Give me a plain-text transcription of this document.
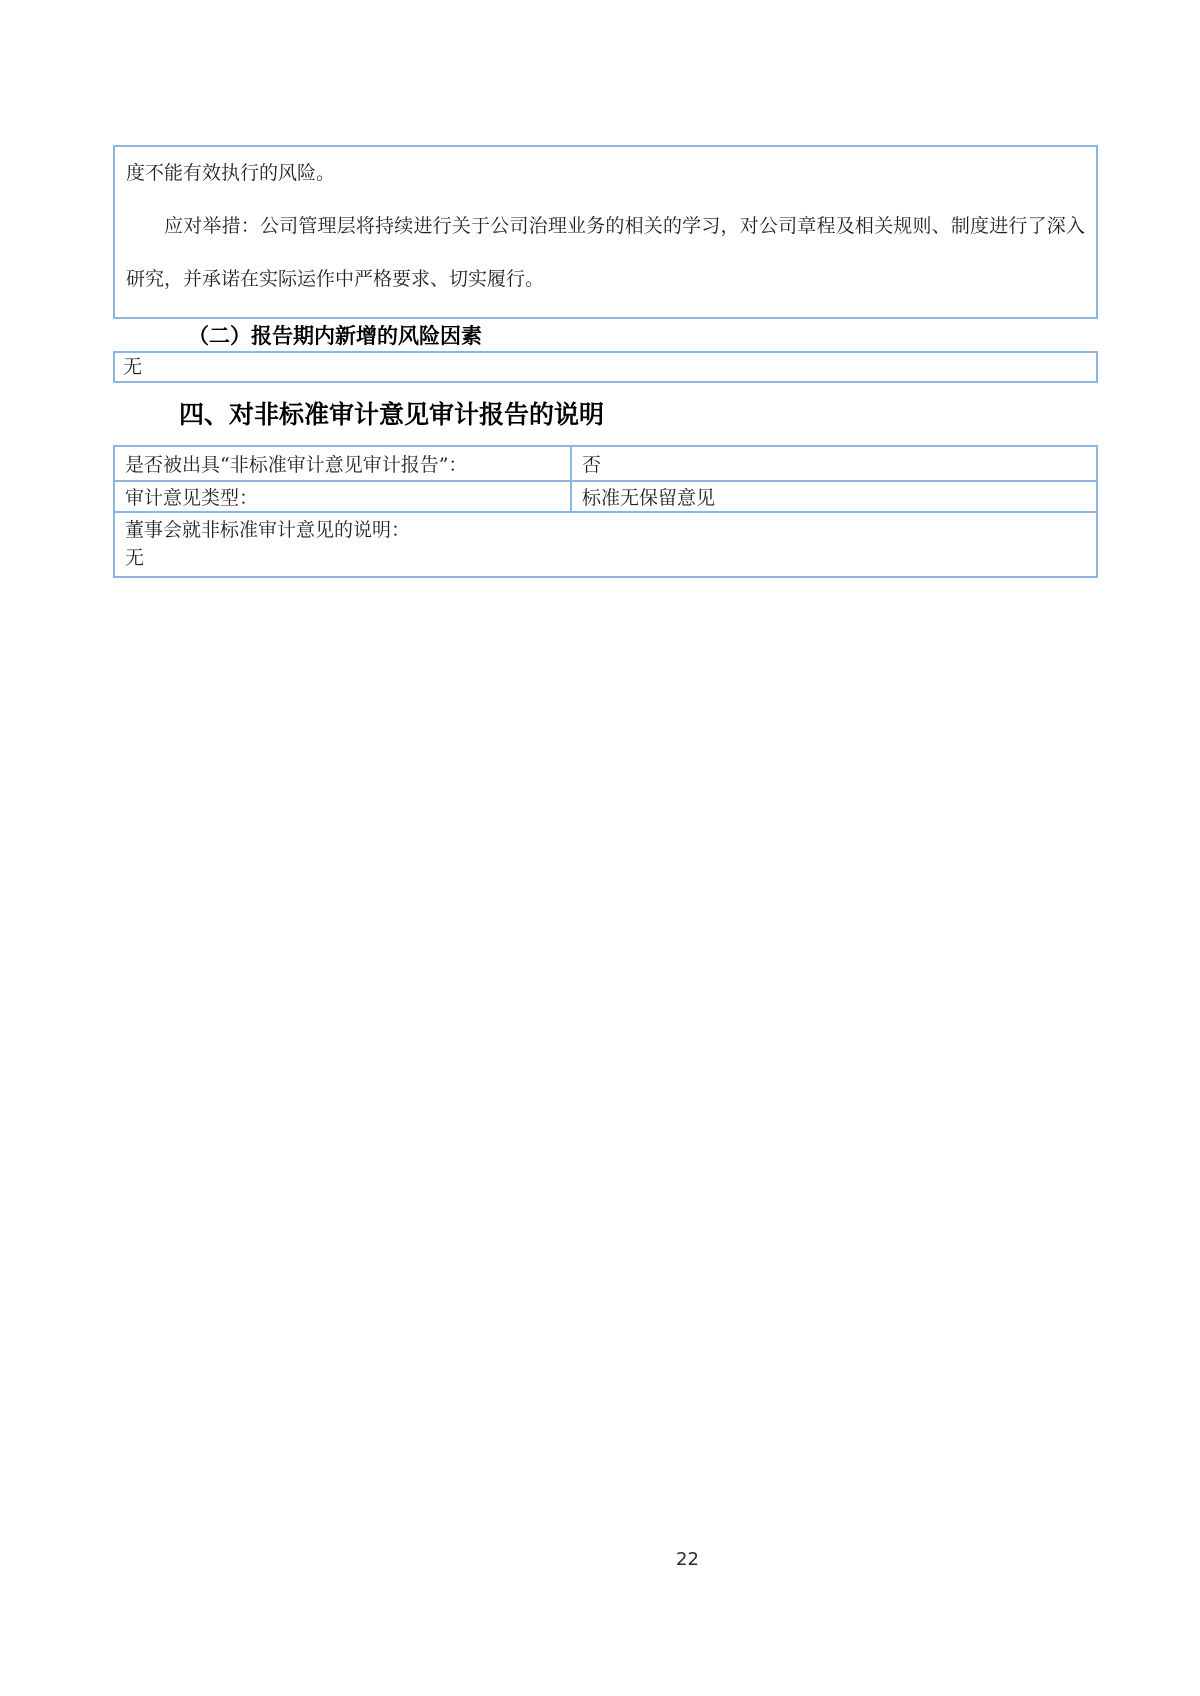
度不能有效执行的风险。

应对举措：公司管理层将持续进行关于公司治理业务的相关的学习，对公司章程及相关规则、制度进行了深入研究，并承诺在实际运作中严格要求、切实履行。

（二）报告期内新增的风险因素
无
四、对非标准审计意见审计报告的说明
是否被出具“非标准审计意见审计报告”：	否
审计意见类型：	标准无保留意见

董事会就非标准审计意见的说明：
无	
22
